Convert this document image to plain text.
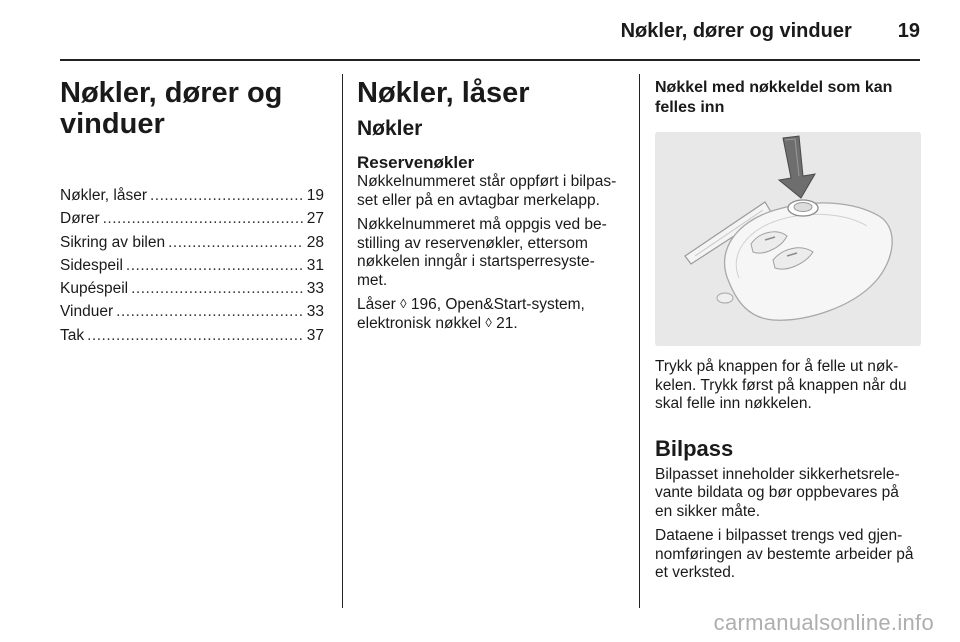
Nøkler, dører og vinduer 19
Nøkler, dører og
vinduer
Nøkler, låser .....	19
Dører .....	27
Sikring av bilen .....	28
Sidespeil .....	31
Kupéspeil .....	33
Vinduer .....	33
Tak .....	37
Nøkler, låser
Nøkler
Reservenøkler

Nøkkelnummeret står oppført i bilpas-
set eller på en avtagbar merkelapp.

Nøkkelnummeret må oppgis ved be-
stilling av reservenøkler, ettersom
nøkkelen inngår i startsperresyste-
met.

Låser ◊ 196, Open&Start-system,
elektronisk nøkkel ◊ 21.

Nøkkel med nøkkeldel som kan
felles inn

Trykk på knappen for å felle ut nøk-
kelen. Trykk først på knappen når du
skal felle inn nøkkelen.

Bilpass

Bilpasset inneholder sikkerhetsrele-
vante bildata og bør oppbevares på
en sikker måte.

Dataene i bilpasset trengs ved gjen-
nomføringen av bestemte arbeider på
et verksted.

carmanualsonline.info
